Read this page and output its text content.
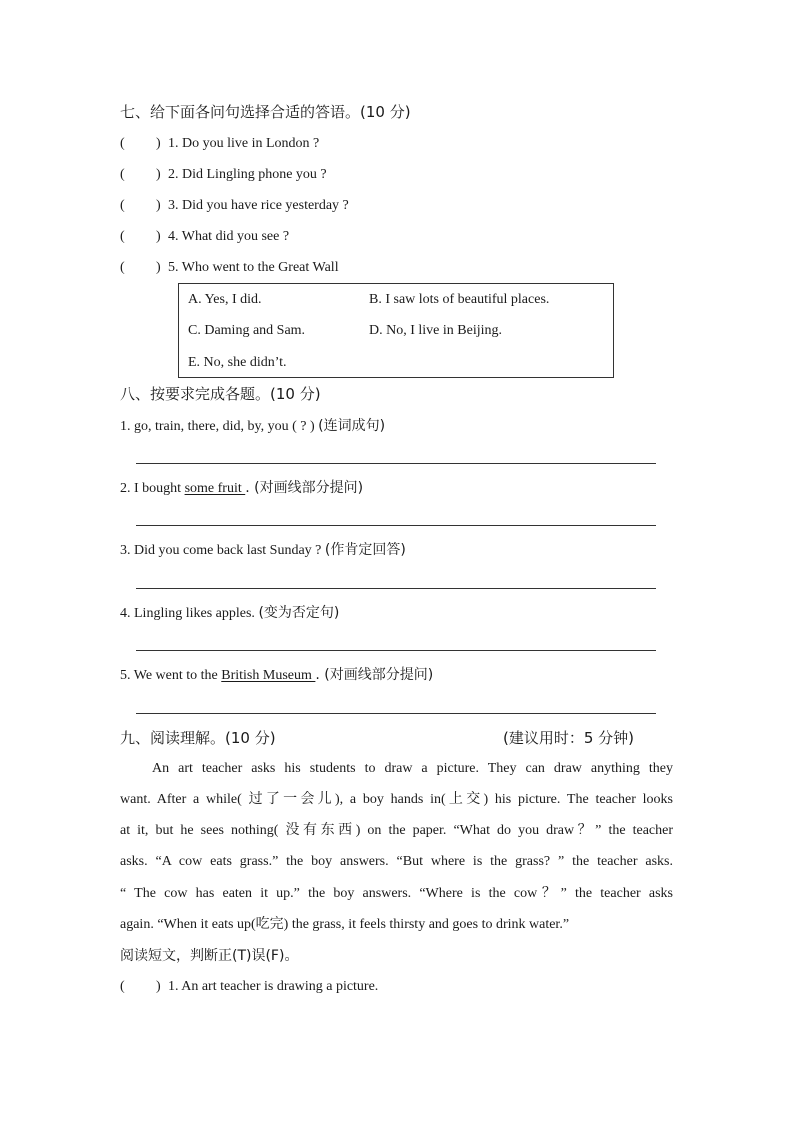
七、给下面各问句选择合适的答语。(10 分)
( ) 1. Do you live in London ?
( ) 2. Did Lingling phone you ?
( ) 3. Did you have rice yesterday ?
( ) 4. What did you see ?
( ) 5. Who went to the Great Wall
A. Yes, I did.	B. I saw lots of beautiful places.
C. Daming and Sam.	D. No, I live in Beijing.
E. No, she didn’t.
八、按要求完成各题。(10 分)
1. go, train, there, did, by, you ( ? ) (连词成句)
2. I bought some fruit . (对画线部分提问)
3. Did you come back last Sunday ? (作肯定回答)
4. Lingling likes apples. (变为否定句)
5. We went to the British Museum . (对画线部分提问)
九、阅读理解。(10 分)	(建议用时：5 分钟)
An art teacher asks his students to draw a picture. They can draw anything they
want. After a while( 过了一会儿), a boy hands in(上交) his picture. The teacher looks
at it, but he sees nothing( 没有东西) on the paper. “What do you draw？” the teacher
asks. “A cow eats grass.” the boy answers. “But where is the grass? ” the teacher asks.
“ The cow has eaten it up.” the boy answers. “Where is the cow？” the teacher asks
again. “When it eats up(吃完) the grass, it feels thirsty and goes to drink water.”
阅读短文，判断正(T)误(F)。
( ) 1. An art teacher is drawing a picture.
